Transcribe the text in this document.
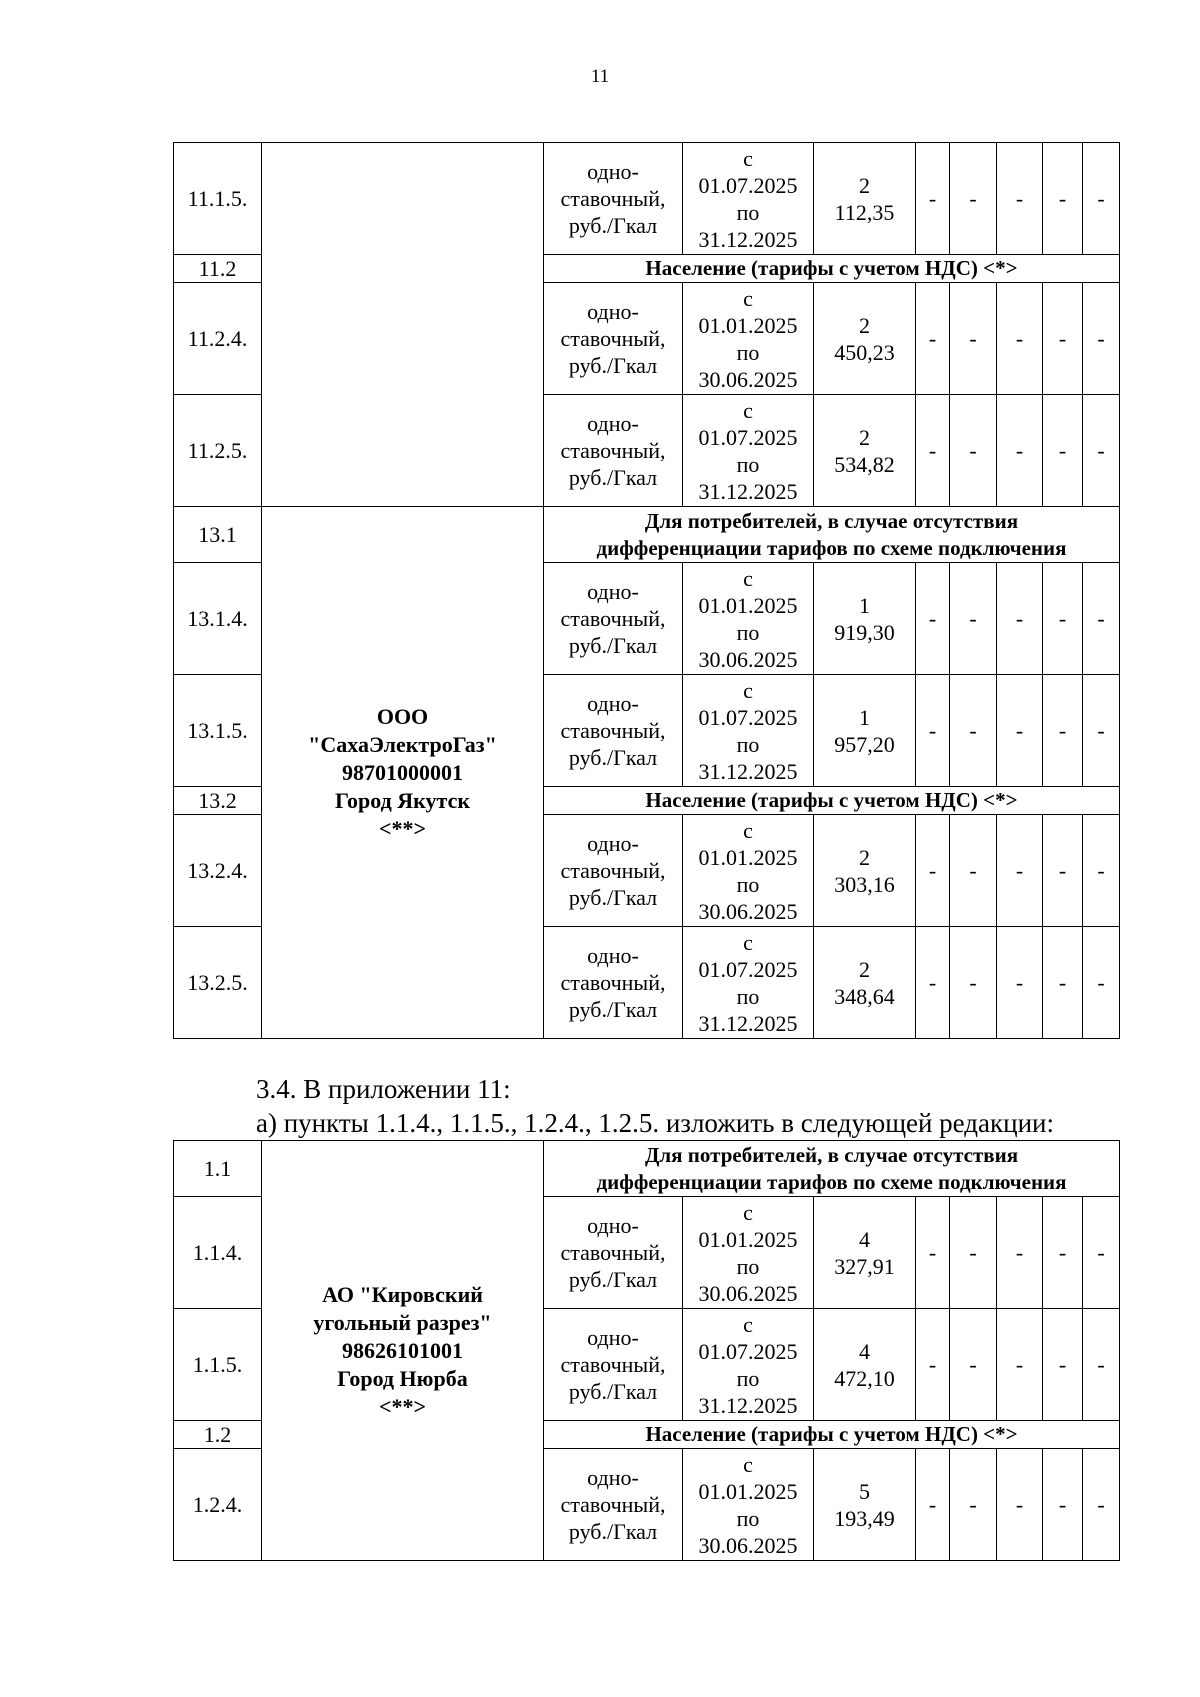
11
11.1.5.		одно-
ставочный,
руб./Гкал	с
01.07.2025
по
31.12.2025	2
112,35	-	-	-	-	-
11.2		Население (тарифы с учетом НДС) <*>							
11.2.4.		одно-
ставочный,
руб./Гкал	с
01.01.2025
по
30.06.2025	2
450,23	-	-	-	-	-
11.2.5.		одно-
ставочный,
руб./Гкал	с
01.07.2025
по
31.12.2025	2
534,82	-	-	-	-	-
13.1	ООО
"СахаЭлектроГаз"
98701000001
Город Якутск
<**>	Для потребителей, в случае отсутствия
дифференциации тарифов по схеме подключения							

13.1.4.		одно-
ставочный,
руб./Гкал	с
01.01.2025
по
30.06.2025	1
919,30	-	-	-	-	-
13.1.5.		одно-
ставочный,
руб./Гкал	с
01.07.2025
по
31.12.2025	1
957,20	-	-	-	-	-
13.2		Население (тарифы с учетом НДС) <*>							
13.2.4.		одно-
ставочный,
руб./Гкал	с
01.01.2025
по
30.06.2025	2
303,16	-	-	-	-	-
13.2.5.		одно-
ставочный,
руб./Гкал	с
01.07.2025
по
31.12.2025	2
348,64	-	-	-	-	-
3.4. В приложении 11:
а) пункты 1.1.4., 1.1.5., 1.2.4., 1.2.5. изложить в следующей редакции:
1.1	АО "Кировский
угольный разрез"
98626101001
Город Нюрба
<**>	Для потребителей, в случае отсутствия
дифференциации тарифов по схеме подключения							

1.1.4.		одно-
ставочный,
руб./Гкал	с
01.01.2025
по
30.06.2025	4
327,91	-	-	-	-	-
1.1.5.		одно-
ставочный,
руб./Гкал	с
01.07.2025
по
31.12.2025	4
472,10	-	-	-	-	-
1.2		Население (тарифы с учетом НДС) <*>							
1.2.4.		одно-
ставочный,
руб./Гкал	с
01.01.2025
по
30.06.2025	5
193,49	-	-	-	-	-
